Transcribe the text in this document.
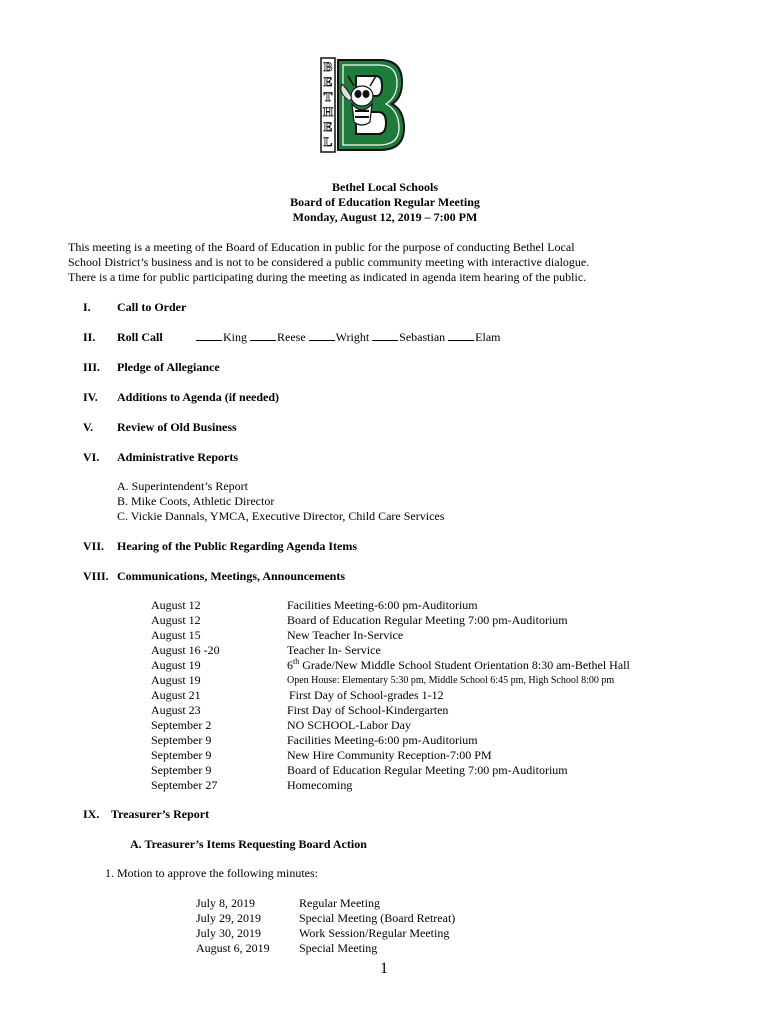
B
E
T
H
E
L
Bethel Local Schools
Board of Education Regular Meeting
Monday, August 12, 2019 – 7:00 PM
This meeting is a meeting of the Board of Education in public for the purpose of conducting Bethel Local
School District’s business and is not to be considered a public community meeting with interactive dialogue.
There is a time for public participating during the meeting as indicated in agenda item hearing of the public.
I. Call to Order
II. Roll Call	King	Reese	Wright	Sebastian	Elam
III. Pledge of Allegiance
IV. Additions to Agenda (if needed)
V. Review of Old Business
VI. Administrative Reports
A. Superintendent’s Report
B. Mike Coots, Athletic Director
C. Vickie Dannals, YMCA, Executive Director, Child Care Services
VII. Hearing of the Public Regarding Agenda Items
VIII. Communications, Meetings, Announcements
August 12	Facilities Meeting-6:00 pm-Auditorium
August 12	Board of Education Regular Meeting 7:00 pm-Auditorium
August 15	New Teacher In-Service
August 16 -20	Teacher In- Service
August 19	6th Grade/New Middle School Student Orientation 8:30 am-Bethel Hall
August 19	Open House: Elementary 5:30 pm, Middle School 6:45 pm, High School 8:00 pm
August 21	First Day of School-grades 1-12
August 23	First Day of School-Kindergarten
September 2	NO SCHOOL-Labor Day
September 9	Facilities Meeting-6:00 pm-Auditorium
September 9	New Hire Community Reception-7:00 PM
September 9	Board of Education Regular Meeting 7:00 pm-Auditorium
September 27	Homecoming
IX. Treasurer’s Report
A. Treasurer’s Items Requesting Board Action
1. Motion to approve the following minutes:
July 8, 2019	Regular Meeting
July 29, 2019	Special Meeting (Board Retreat)
July 30, 2019	Work Session/Regular Meeting
August 6, 2019 Special Meeting
1
